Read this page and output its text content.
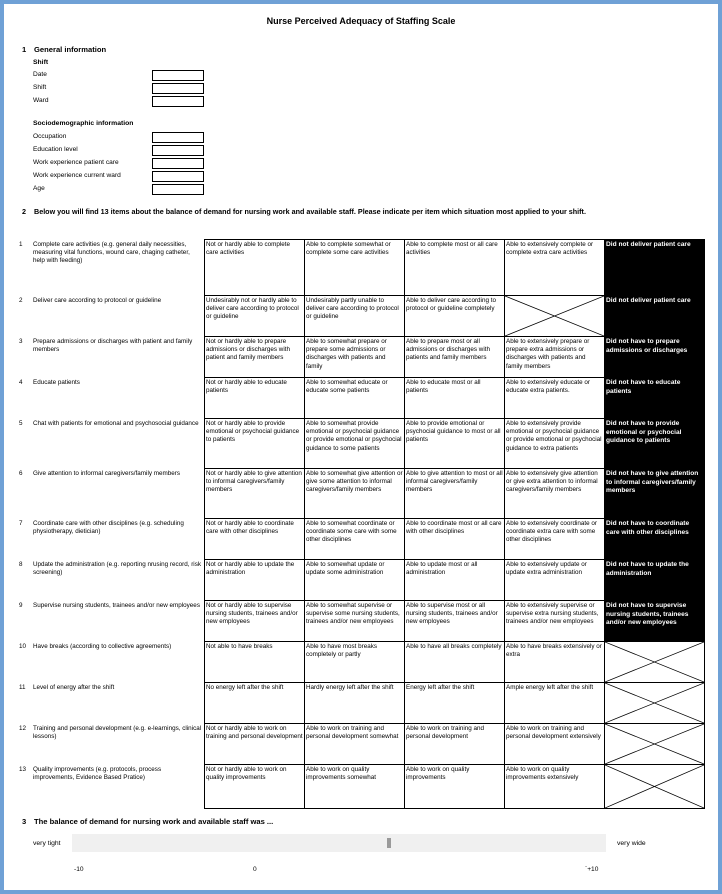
Nurse Perceived Adequacy of Staffing Scale
1 General information
Shift
Date
Shift
Ward
Sociodemographic information
Occupation
Education level
Work experience patient care
Work experience current ward
Age
2 Below you will find 13 items about the balance of demand for nursing work and available staff. Please indicate per item which situation most applied to your shift.
1	Complete care activities (e.g. general daily necessities, measuring vital functions, wound care, chaging catheter, help with feeding)	Not or hardly able to complete care activities	Able to complete somewhat or complete some care activities	Able to complete most or all care activities	Able to extensively complete or complete extra care activities	Did not deliver patient care
2	Deliver care according to protocol or guideline	Undesirably not or hardly able to deliver care according to protocol or guideline	Undesirably partly unable to deliver care according to protocol or guideline	Able to deliver care according to protocol or guideline completely		Did not deliver patient care
3	Prepare admissions or discharges with patient and family members	Not or hardly able to prepare admissions or discharges with patient and family members	Able to somewhat prepare or prepare some admissions or discharges with patients and family	Able to prepare most or all admissions or discharges with patients and family members	Able to extensively prepare or prepare extra admissions or discharges with patients and family members	Did not have to prepare admissions or discharges
4	Educate patients	Not or hardly able to educate patients	Able to somewhat educate or educate some patients	Able to educate most or all patients	Able to extensively educate or educate extra patients.	Did not have to educate patients
5	Chat with patients for emotional and psychosocial guidance	Not or hardly able to provide emotional or psychocial guidance to patients	Able to somewhat provide emotional or psychocial guidance or provide emotional or psychocial guidance to some patients	Able to provide emotional or psychocial guidance to most or all patients	Able to extensively provide emotional or psychocial guidance or provide emotional or psychocial guidance to extra patients	Did not have to provide emotional or psychocial guidance to patients
6	Give attention to informal caregivers/family members	Not or hardly able to give attention to informal caregivers/family members	Able to somewhat give attention or give some attention to informal caregivers/family members	Able to give attention to most or all informal caregivers/family members	Able to extensively give attention or give extra attention to informal caregivers/family members	Did not have to give attention to informal caregivers/family members
7	Coordinate care with other disciplines (e.g. scheduling physiotherapy, dietician)	Not or hardly able to coordinate care with other disciplines	Able to somewhat coordinate or coordinate some care with some other disciplines	Able to coordinate most or all care with other disciplines	Able to extensively coordinate or coordinate extra care with some other disciplines	Did not have to coordinate care with other disciplines
8	Update the administration (e.g. reporting nrusing record, risk screening)	Not or hardly able to update the administration	Able to somewhat update or update some administration	Able to update most or all administration	Able to extensively update or update extra administration	Did not have to update the administration
9	Supervise nursing students, trainees and/or new employees	Not or hardly able to supervise nursing students, trainees and/or new employees	Able to somewhat supervise or supervise some nursing students, trainees and/or new employees	Able to supervise most or all nursing students, trainees and/or new employees	Able to extensively supervise or supervise extra nursing students, trainees and/or new employees	Did not have to supervise nursing students, trainees and/or new employees
10	Have breaks (according to collective agreements)	Not able to have breaks	Able to have most breaks completely or partly	Able to have all breaks completely	Able to have breaks extensively or extra	

11	Level of energy after the shift	No energy left after the shift	Hardly energy left after the shift	Energy left after the shift	Ample energy left after the shift	

12	Training and personal development (e.g. e-learnings, clinical lessons)	Not or hardly able to work on training and personal development	Able to work on training and personal development somewhat	Able to work on training and personal development	Able to work on training and personal development extensively	

13	Quality improvements (e.g. protocols, process improvements, Evidence Based Pratice)	Not or hardly able to work on quality improvements	Able to work on quality improvements somewhat	Able to work on quality improvements	Able to work on quality improvements extensively	
3 The balance of demand for nursing work and available staff was ...
very tight	very wide
-10	0	`+10
